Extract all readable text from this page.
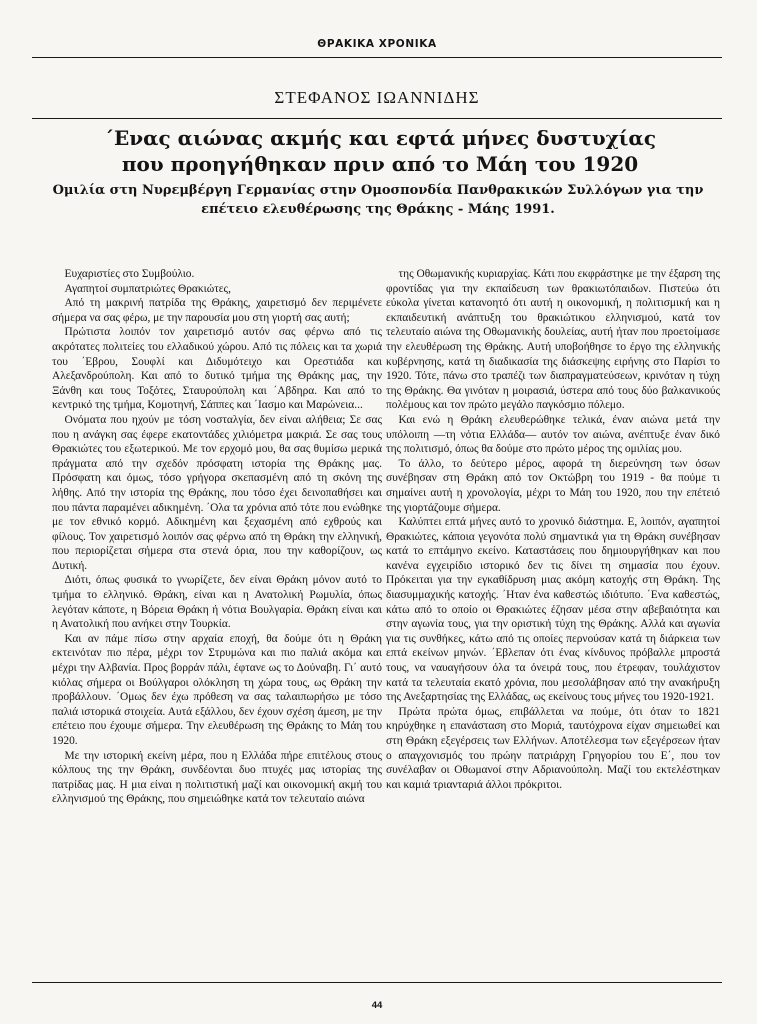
ΘΡΑΚΙΚΑ ΧΡΟΝΙΚΑ
ΣΤΕΦΑΝΟΣ ΙΩΑΝΝΙΔΗΣ
΄Ενας αιώνας ακμής και εφτά μήνες δυστυχίας που προηγήθηκαν πριν από το Μάη του 1920
Ομιλία στη Νυρεμβέργη Γερμανίας στην Ομοσπονδία Πανθρακικών Συλλόγων για την επέτειο ελευθέρωσης της Θράκης - Μάης 1991.

Ευχαριστίες στο Συμβούλιο.

Αγαπητοί συμπατριώτες Θρακιώτες,

Από τη μακρινή πατρίδα της Θράκης, χαιρετισμό δεν περιμένετε σήμερα να σας φέρω, με την παρουσία μου στη γιορτή σας αυτή;

Πρώτιστα λοιπόν τον χαιρετισμό αυτόν σας φέρνω από τις ακρότατες πολιτείες του ελλαδικού χώρου. Από τις πόλεις και τα χωριά του ΄Εβρου, Σουφλί και Διδυμότειχο και Ορεστιάδα και Αλεξανδρούπολη. Και από το δυτικό τμήμα της Θράκης μας, την Ξάνθη και τους Τοξότες, Σταυρούπολη και ΄Αβδηρα. Και από το κεντρικό της τμήμα, Κομοτηνή, Σάππες και ΄Ιασμο και Μαρώνεια...

Ονόματα που ηχούν με τόση νοσταλγία, δεν είναι αλήθεια; Σε σας που η ανάγκη σας έφερε εκατοντάδες χιλιόμετρα μακριά. Σε σας τους Θρακιώτες του εξωτερικού. Με τον ερχομό μου, θα σας θυμίσω μερικά πράγματα από την σχεδόν πρόσφατη ιστορία της Θράκης μας. Πρόσφατη και όμως, τόσο γρήγορα σκεπασμένη από τη σκόνη της λήθης. Από την ιστορία της Θράκης, που τόσο έχει δεινοπαθήσει και που πάντα παραμένει αδικημένη. ΄Ολα τα χρόνια από τότε που ενώθηκε με τον εθνικό κορμό. Αδικημένη και ξεχασμένη από εχθρούς και φίλους. Τον χαιρετισμό λοιπόν σας φέρνω από τη Θράκη την ελληνική, που περιορίζεται σήμερα στα στενά όρια, που την καθορίζουν, ως Δυτική.

Διότι, όπως φυσικά το γνωρίζετε, δεν είναι Θράκη μόνον αυτό το τμήμα το ελληνικό. Θράκη, είναι και η Ανατολική Ρωμυλία, όπως λεγόταν κάποτε, η Βόρεια Θράκη ή νότια Βουλγαρία. Θράκη είναι και η Ανατολική που ανήκει στην Τουρκία.

Και αν πάμε πίσω στην αρχαία εποχή, θα δούμε ότι η Θράκη εκτεινόταν πιο πέρα, μέχρι τον Στρυμώνα και πιο παλιά ακόμα και μέχρι την Αλβανία. Προς βορράν πάλι, έφτανε ως το Δούναβη. Γι΄ αυτό κιόλας σήμερα οι Βούλγαροι ολόκληση τη χώρα τους, ως Θράκη την προβάλλουν. ΄Ομως δεν έχω πρόθεση να σας ταλαιπωρήσω με τόσο παλιά ιστορικά στοιχεία. Αυτά εξάλλου, δεν έχουν σχέση άμεση, με την επέτειο που έχουμε σήμερα. Την ελευθέρωση της Θράκης το Μάη του 1920.

Με την ιστορική εκείνη μέρα, που η Ελλάδα πήρε επιτέλους στους κόλπους της την Θράκη, συνδέονται δυο πτυχές μας ιστορίας της πατρίδας μας. Η μια είναι η πολιτιστική μαζί και οικονομική ακμή του ελληνισμού της Θράκης, που σημειώθηκε κατά τον τελευταίο αιώνα

της Οθωμανικής κυριαρχίας. Κάτι που εκφράστηκε με την έξαρση της φροντίδας για την εκπαίδευση των θρακιωτόπαιδων. Πιστεύω ότι εύκολα γίνεται κατανοητό ότι αυτή η οικονομική, η πολιτισμική και η εκπαιδευτική ανάπτυξη του θρακιώτικου ελληνισμού, κατά τον τελευταίο αιώνα της Οθωμανικής δουλείας, αυτή ήταν που προετοίμασε την ελευθέρωση της Θράκης. Αυτή υποβοήθησε το έργο της ελληνικής κυβέρνησης, κατά τη διαδικασία της διάσκεψης ειρήνης στο Παρίσι το 1920. Τότε, πάνω στο τραπέζι των διαπραγματεύσεων, κρινόταν η τύχη της Θράκης. Θα γινόταν η μοιρασιά, ύστερα από τους δύο βαλκανικούς πολέμους και τον πρώτο μεγάλο παγκόσμιο πόλεμο.

Και ενώ η Θράκη ελευθερώθηκε τελικά, έναν αιώνα μετά την υπόλοιπη —τη νότια Ελλάδα— αυτόν τον αιώνα, ανέπτυξε έναν δικό της πολιτισμό, όπως θα δούμε στο πρώτο μέρος της ομιλίας μου.

Το άλλο, το δεύτερο μέρος, αφορά τη διερεύνηση των όσων συνέβησαν στη Θράκη από τον Οκτώβρη του 1919 - θα πούμε τι σημαίνει αυτή η χρονολογία, μέχρι το Μάη του 1920, που την επέτειό της γιορτάζουμε σήμερα.

Καλύπτει επτά μήνες αυτό το χρονικό διάστημα. Ε, λοιπόν, αγαπητοί Θρακιώτες, κάποια γεγονότα πολύ σημαντικά για τη Θράκη συνέβησαν κατά το επτάμηνο εκείνο. Καταστάσεις που δημιουργήθηκαν και που κανένα εγχειρίδιο ιστορικό δεν τις δίνει τη σημασία που έχουν. Πρόκειται για την εγκαθίδρυση μιας ακόμη κατοχής στη Θράκη. Της διασυμμαχικής κατοχής. ΄Ηταν ένα καθεστώς ιδιότυπο. ΄Ενα καθεστώς, κάτω από το οποίο οι Θρακιώτες έζησαν μέσα στην αβεβαιότητα και στην αγωνία τους, για την οριστική τύχη της Θράκης. Αλλά και αγωνία για τις συνθήκες, κάτω από τις οποίες περνούσαν κατά τη διάρκεια των επτά εκείνων μηνών. ΄Εβλεπαν ότι ένας κίνδυνος πρόβαλλε μπροστά τους, να ναυαγήσουν όλα τα όνειρά τους, που έτρεφαν, τουλάχιστον κατά τα τελευταία εκατό χρόνια, που μεσολάβησαν από την ανακήρυξη της Ανεξαρτησίας της Ελλάδας, ως εκείνους τους μήνες του 1920-1921.

Πρώτα πρώτα όμως, επιβάλλεται να πούμε, ότι όταν το 1821 κηρύχθηκε η επανάσταση στο Μοριά, ταυτόχρονα είχαν σημειωθεί και στη Θράκη εξεγέρσεις των Ελλήνων. Αποτέλεσμα των εξεγέρσεων ήταν ο απαγχονισμός του πρώην πατριάρχη Γρηγορίου του Ε΄, που τον συνέλαβαν οι Οθωμανοί στην Αδριανούπολη. Μαζί του εκτελέστηκαν και καμιά τριανταριά άλλοι πρόκριτοι.

44
